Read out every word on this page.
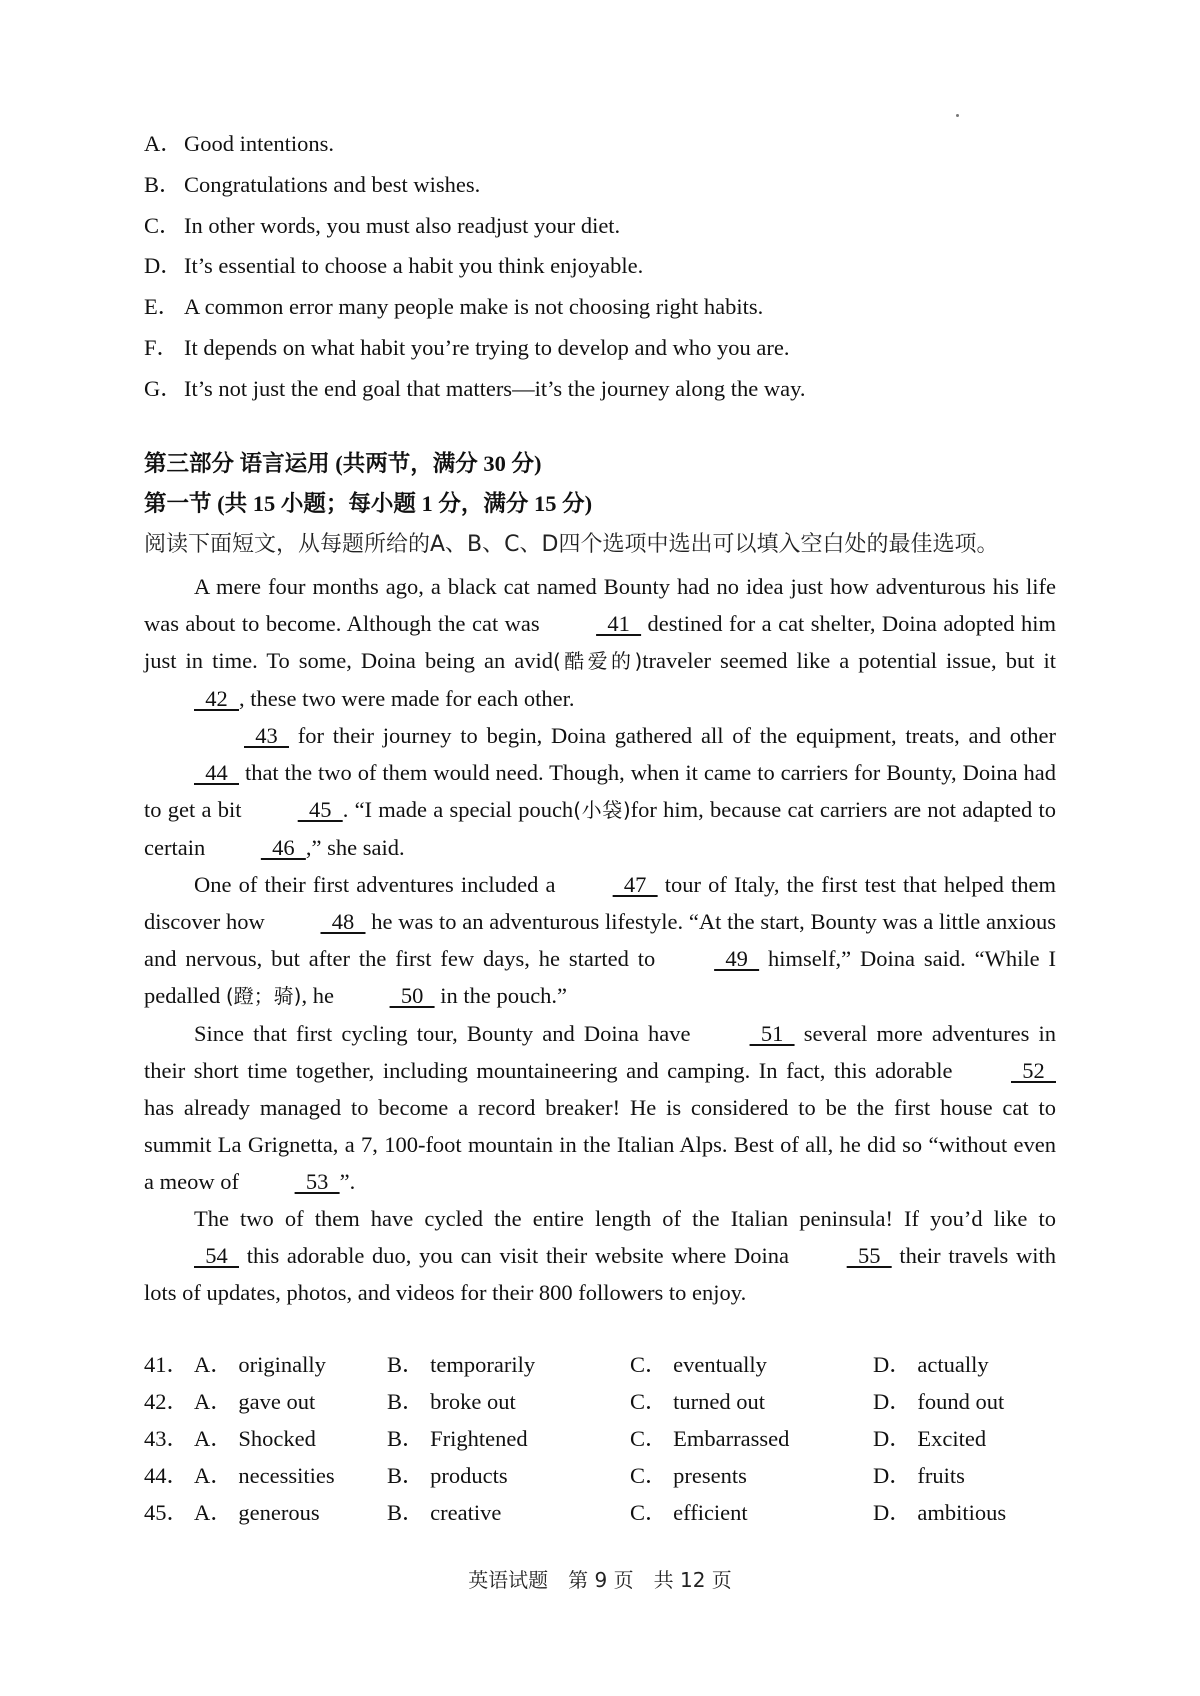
A．Good intentions.
B． Congratulations and best wishes.
C． In other words, you must also readjust your diet.
D．It’s essential to choose a habit you think enjoyable.
E． A common error many people make is not choosing right habits.
F． It depends on what habit you’re trying to develop and who you are.
G．It’s not just the end goal that matters—it’s the journey along the way.
第三部分 语言运用 (共两节，满分 30 分)
第一节 (共 15 小题；每小题 1 分，满分 15 分)
阅读下面短文，从每题所给的A、B、C、D四个选项中选出可以填入空白处的最佳选项。

A mere four months ago, a black cat named Bounty had no idea just how adventurous his life was about to become. Although the cat was   41   destined for a cat shelter, Doina adopted him just in time. To some, Doina being an avid(酷爱的)traveler seemed like a potential issue, but it   42  , these two were made for each other.

43   for their journey to begin, Doina gathered all of the equipment, treats, and other   44   that the two of them would need. Though, when it came to carriers for Bounty, Doina had to get a bit   45  . “I made a special pouch(小袋)for him, because cat carriers are not adapted to certain   46  ,” she said.

One of their first adventures included a   47   tour of Italy, the first test that helped them discover how   48   he was to an adventurous lifestyle. “At the start, Bounty was a little anxious and nervous, but after the first few days, he started to   49   himself,” Doina said. “While I pedalled (蹬；骑), he   50   in the pouch.”

Since that first cycling tour, Bounty and Doina have   51   several more adventures in their short time together, including mountaineering and camping. In fact, this adorable   52   has already managed to become a record breaker! He is considered to be the first house cat to summit La Grignetta, a 7, 100-foot mountain in the Italian Alps. Best of all, he did so “without even a meow of   53  ”.

The two of them have cycled the entire length of the Italian peninsula! If you’d like to   54   this adorable duo, you can visit their website where Doina   55   their travels with lots of updates, photos, and videos for their 800 followers to enjoy.

41． A． originally	B． temporarily	C． eventually	D． actually
42． A． gave out	B． broke out	C． turned out	D． found out
43． A． Shocked	B． Frightened	C． Embarrassed	D． Excited
44． A． necessities B． products	C． presents	D． fruits
45． A． generous	B． creative	C． efficient	D． ambitious
英语试题　第 9 页　共 12 页
